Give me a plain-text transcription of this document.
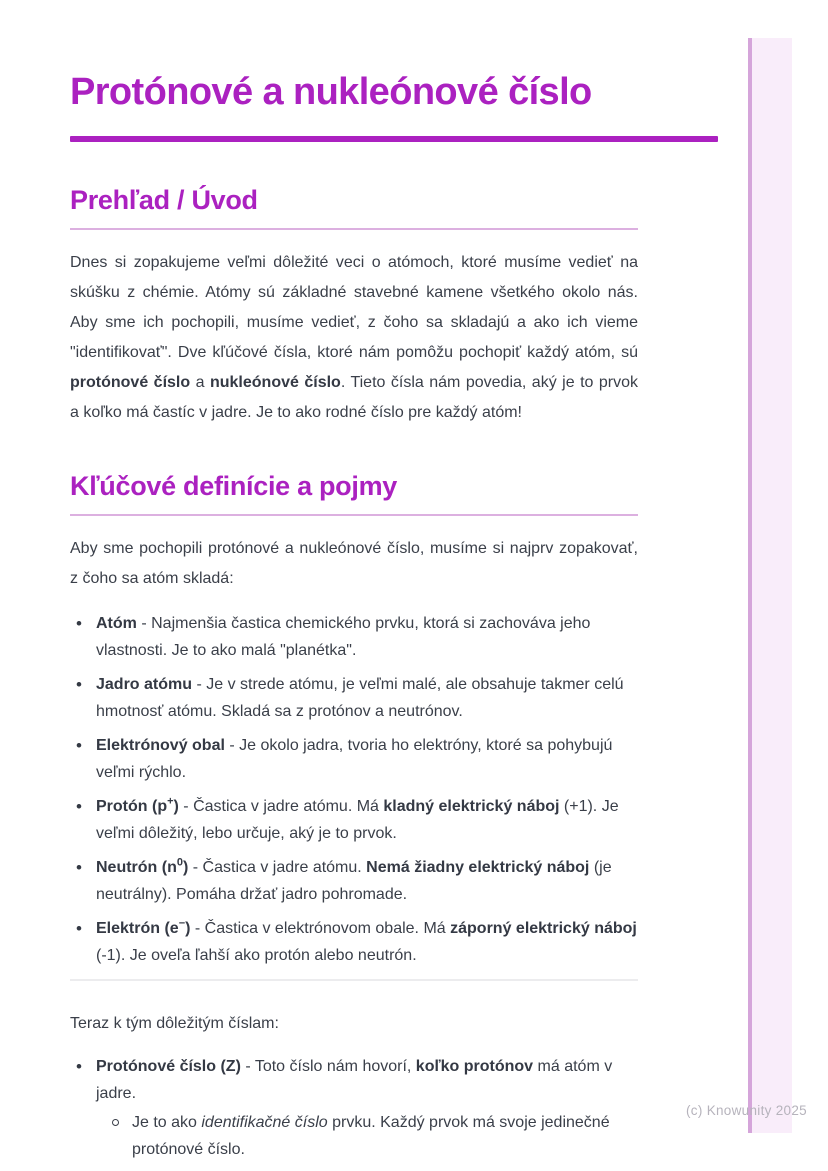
Protónové a nukleónové číslo
Prehľad / Úvod

Dnes si zopakujeme veľmi dôležité veci o atómoch, ktoré musíme vedieť na skúšku z chémie. Atómy sú základné stavebné kamene všetkého okolo nás. Aby sme ich pochopili, musíme vedieť, z čoho sa skladajú a ako ich vieme "identifikovať". Dve kľúčové čísla, ktoré nám pomôžu pochopiť každý atóm, sú protónové číslo a nukleónové číslo. Tieto čísla nám povedia, aký je to prvok a koľko má častíc v jadre. Je to ako rodné číslo pre každý atóm!

Kľúčové definície a pojmy

Aby sme pochopili protónové a nukleónové číslo, musíme si najprv zopakovať, z čoho sa atóm skladá:

• Atóm - Najmenšia častica chemického prvku, ktorá si zachováva jeho vlastnosti. Je to ako malá "planétka".
• Jadro atómu - Je v strede atómu, je veľmi malé, ale obsahuje takmer celú hmotnosť atómu. Skladá sa z protónov a neutrónov.
• Elektrónový obal - Je okolo jadra, tvoria ho elektróny, ktoré sa pohybujú veľmi rýchlo.
• Protón (p+) - Častica v jadre atómu. Má kladný elektrický náboj (+1). Je veľmi dôležitý, lebo určuje, aký je to prvok.
• Neutrón $(n^0)$ - Častica v jadre atómu. Nemá žiadny elektrický náboj (je neutrálny). Pomáha držať jadro pohromade.
• Elektrón (e−) - Častica v elektrónovom obale. Má záporný elektrický náboj (-1). Je oveľa ľahší ako protón alebo neutrón.

Teraz k tým dôležitým číslam:

• Protónové číslo (Z) - Toto číslo nám hovorí, koľko protónov má atóm v jadre.
Je to ako identifikačné číslo prvku. Každý prvok má svoje jedinečné protónové číslo.
(c) Knowunity 2025
